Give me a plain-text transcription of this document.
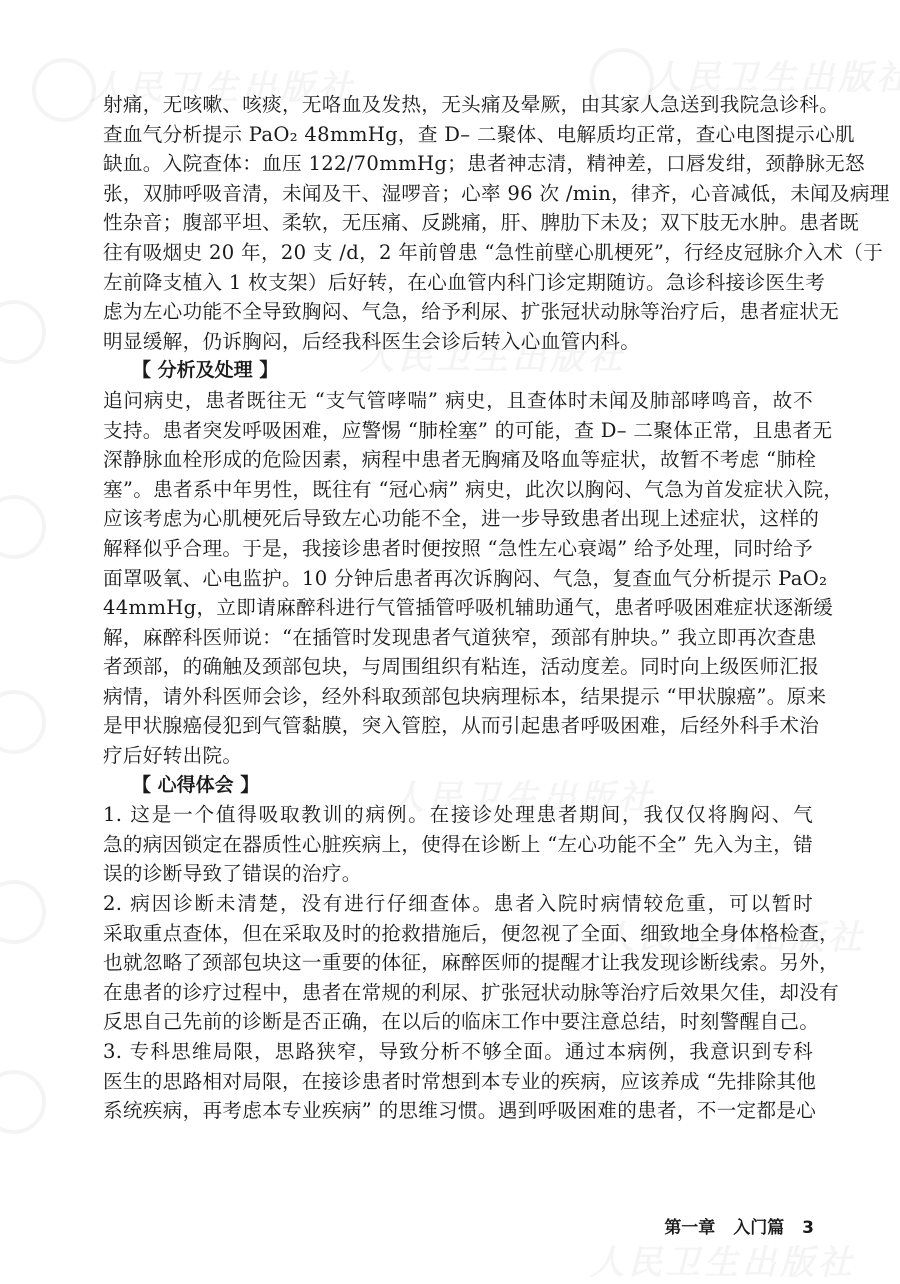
射痛，无咳嗽、咳痰，无咯血及发热，无头痛及晕厥，由其家人急送到我院急诊科。
查血气分析提示 PaO₂ 48mmHg，查 D– 二聚体、电解质均正常，查心电图提示心肌
缺血。入院查体：血压 122/70mmHg；患者神志清，精神差，口唇发绀，颈静脉无怒
张，双肺呼吸音清，未闻及干、湿啰音；心率 96 次 /min，律齐，心音减低，未闻及病理
性杂音；腹部平坦、柔软，无压痛、反跳痛，肝、脾肋下未及；双下肢无水肿。患者既
往有吸烟史 20 年，20 支 /d，2 年前曾患 “急性前壁心肌梗死”，行经皮冠脉介入术（于
左前降支植入 1 枚支架）后好转，在心血管内科门诊定期随访。急诊科接诊医生考
虑为左心功能不全导致胸闷、气急，给予利尿、扩张冠状动脉等治疗后，患者症状无
明显缓解，仍诉胸闷，后经我科医生会诊后转入心血管内科。
【 分析及处理 】
追问病史，患者既往无 “支气管哮喘” 病史，且查体时未闻及肺部哮鸣音，故不
支持。患者突发呼吸困难，应警惕 “肺栓塞” 的可能，查 D– 二聚体正常，且患者无
深静脉血栓形成的危险因素，病程中患者无胸痛及咯血等症状，故暂不考虑 “肺栓
塞”。患者系中年男性，既往有 “冠心病” 病史，此次以胸闷、气急为首发症状入院，
应该考虑为心肌梗死后导致左心功能不全，进一步导致患者出现上述症状，这样的
解释似乎合理。于是，我接诊患者时便按照 “急性左心衰竭” 给予处理，同时给予
面罩吸氧、心电监护。10 分钟后患者再次诉胸闷、气急，复查血气分析提示 PaO₂
44mmHg，立即请麻醉科进行气管插管呼吸机辅助通气，患者呼吸困难症状逐渐缓
解，麻醉科医师说：“在插管时发现患者气道狭窄，颈部有肿块。” 我立即再次查患
者颈部，的确触及颈部包块，与周围组织有粘连，活动度差。同时向上级医师汇报
病情，请外科医师会诊，经外科取颈部包块病理标本，结果提示 “甲状腺癌”。原来
是甲状腺癌侵犯到气管黏膜，突入管腔，从而引起患者呼吸困难，后经外科手术治
疗后好转出院。
【 心得体会 】
1. 这是一个值得吸取教训的病例。在接诊处理患者期间，我仅仅将胸闷、气
急的病因锁定在器质性心脏疾病上，使得在诊断上 “左心功能不全” 先入为主，错
误的诊断导致了错误的治疗。
2. 病因诊断未清楚，没有进行仔细查体。患者入院时病情较危重，可以暂时
采取重点查体，但在采取及时的抢救措施后，便忽视了全面、细致地全身体格检查，
也就忽略了颈部包块这一重要的体征，麻醉医师的提醒才让我发现诊断线索。另外，
在患者的诊疗过程中，患者在常规的利尿、扩张冠状动脉等治疗后效果欠佳，却没有
反思自己先前的诊断是否正确，在以后的临床工作中要注意总结，时刻警醒自己。
3. 专科思维局限，思路狭窄，导致分析不够全面。通过本病例，我意识到专科
医生的思路相对局限，在接诊患者时常想到本专业的疾病，应该养成 “先排除其他
系统疾病，再考虑本专业疾病” 的思维习惯。遇到呼吸困难的患者，不一定都是心
第一章 入门篇 3
